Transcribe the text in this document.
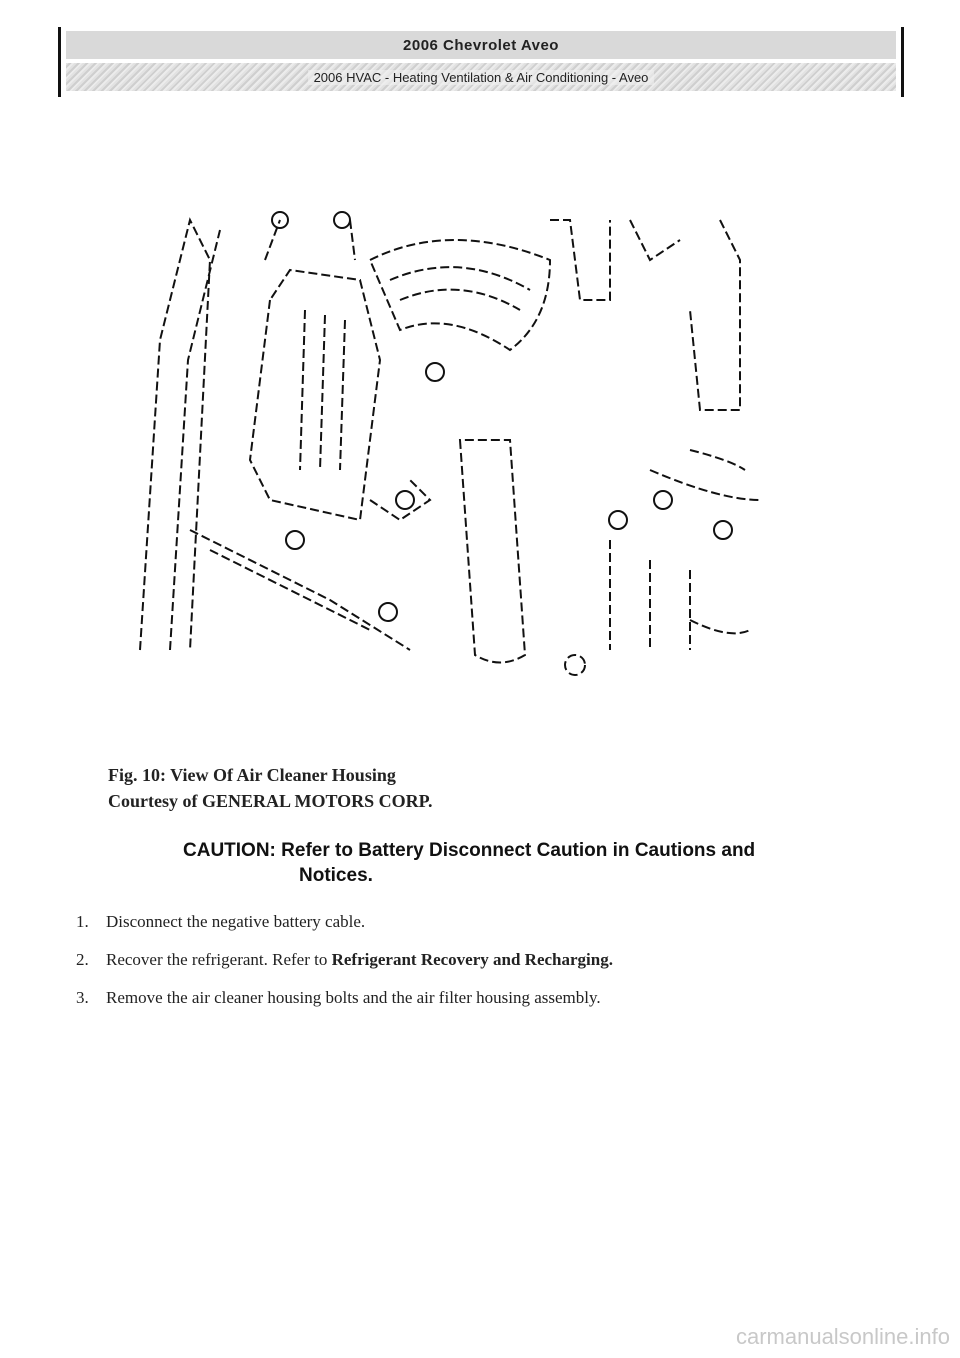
2006 Chevrolet Aveo
2006 HVAC - Heating Ventilation & Air Conditioning - Aveo
Fig. 10: View Of Air Cleaner Housing
Courtesy of GENERAL MOTORS CORP.
CAUTION: Refer to Battery Disconnect Caution in Cautions and
Notices.
1.	Disconnect the negative battery cable.
2.	Recover the refrigerant. Refer to Refrigerant Recovery and Recharging.
3.	Remove the air cleaner housing bolts and the air filter housing assembly.
carmanualsonline.info
